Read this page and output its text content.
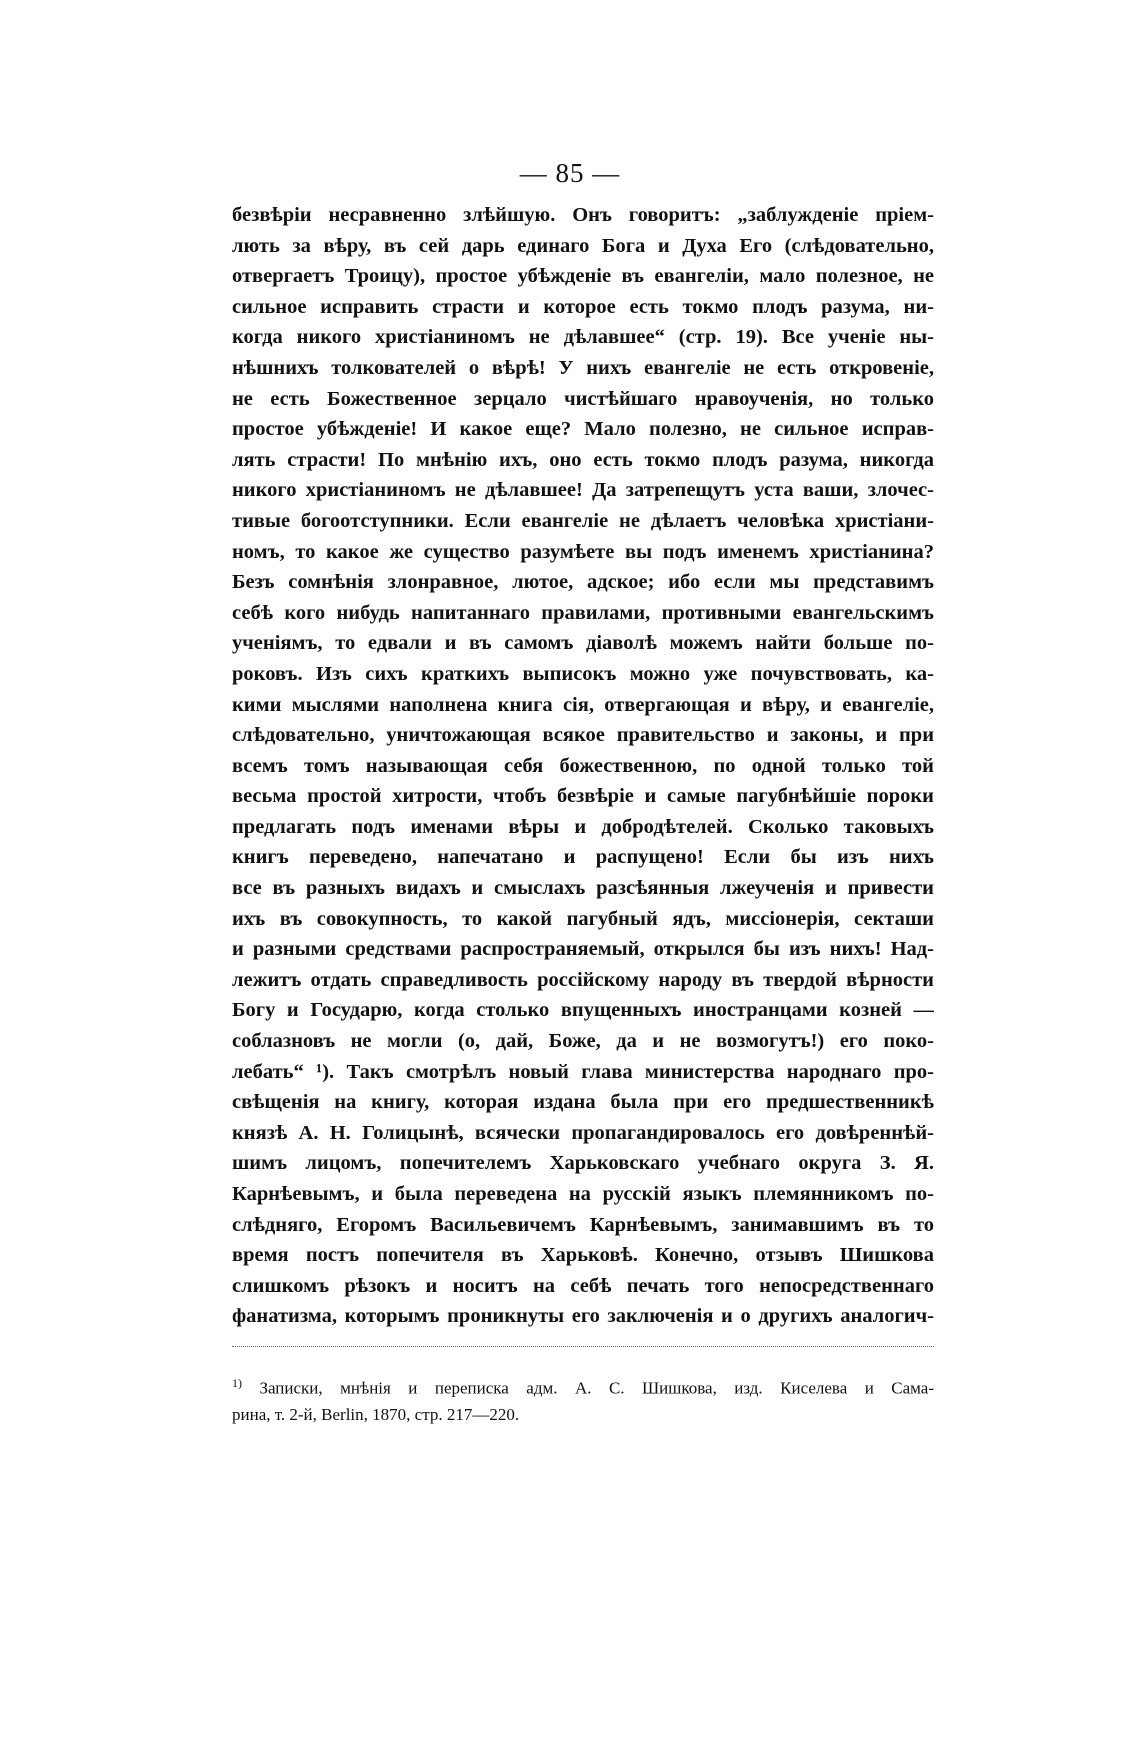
— 85 —
безвѣріи несравненно злѣйшую. Онъ говоритъ: „заблужденіе пріем-
лють за вѣру, въ сей дарь единаго Бога и Духа Его (слѣдовательно,
отвергаетъ Троицу), простое убѣжденіе въ евангеліи, мало полезное, не
сильное исправить страсти и которое есть токмо плодъ разума, ни-
когда никого христіаниномъ не дѣлавшее“ (стр. 19). Все ученіе ны-
нѣшнихъ толкователей о вѣрѣ! У нихъ евангеліе не есть откровеніе,
не есть Божественное зерцало чистѣйшаго нравоученія, но только
простое убѣжденіе! И какое еще? Мало полезно, не сильное исправ-
лять страсти! По мнѣнію ихъ, оно есть токмо плодъ разума, никогда
никого христіаниномъ не дѣлавшее! Да затрепещутъ уста ваши, злочес-
тивые богоотступники. Если евангеліе не дѣлаетъ человѣка христіани-
номъ, то какое же существо разумѣете вы подъ именемъ христіанина?
Безъ сомнѣнія злонравное, лютое, адское; ибо если мы представимъ
себѣ кого нибудь напитаннаго правилами, противными евангельскимъ
ученіямъ, то едвали и въ самомъ діаволѣ можемъ найти больше по-
роковъ. Изъ сихъ краткихъ выписокъ можно уже почувствовать, ка-
кими мыслями наполнена книга сія, отвергающая и вѣру, и евангеліе,
слѣдовательно, уничтожающая всякое правительство и законы, и при
всемъ томъ называющая себя божественною, по одной только той
весьма простой хитрости, чтобъ безвѣріе и самые пагубнѣйшіе пороки
предлагать подъ именами вѣры и добродѣтелей. Сколько таковыхъ
книгъ переведено, напечатано и распущено! Если бы изъ нихъ
все въ разныхъ видахъ и смыслахъ разсѣянныя лжеученія и привести
ихъ въ совокупность, то какой пагубный ядъ, миссіонерія, секташи
и разными средствами распространяемый, открылся бы изъ нихъ! Над-
лежитъ отдать справедливость россійскому народу въ твердой вѣрности
Богу и Государю, когда столько впущенныхъ иностранцами козней —
соблазновъ не могли (о, дай, Боже, да и не возмогутъ!) его поко-
лебать“ ¹). Такъ смотрѣлъ новый глава министерства народнаго про-
свѣщенія на книгу, которая издана была при его предшественникѣ
князѣ А. Н. Голицынѣ, всячески пропагандировалось его довѣреннѣй-
шимъ лицомъ, попечителемъ Харьковскаго учебнаго округа З. Я.
Карнѣевымъ, и была переведена на русскій языкъ племянникомъ по-
слѣдняго, Егоромъ Васильевичемъ Карнѣевымъ, занимавшимъ въ то
время постъ попечителя въ Харьковѣ. Конечно, отзывъ Шишкова
слишкомъ рѣзокъ и носитъ на себѣ печать того непосредственнаго
фанатизма, которымъ проникнуты его заключенія и о другихъ аналогич-
$^{1)}$ Записки, мнѣнія и переписка адм. А. С. Шишкова, изд. Киселева и Сама-
рина, т. 2-й, Berlin, 1870, стр. 217—220.
